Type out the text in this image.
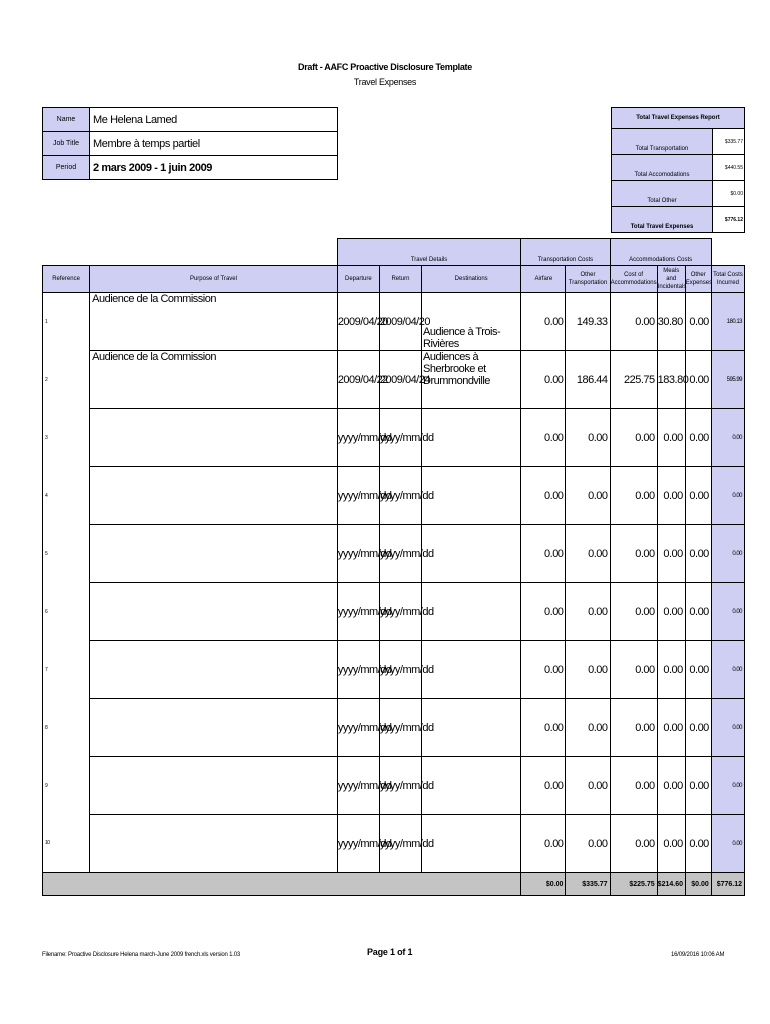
Draft - AAFC Proactive Disclosure Template
Travel Expenses
Name	Me Helena Lamed
Job Title	Membre à temps partiel
Period	2 mars 2009 - 1 juin 2009
Total Travel Expenses Report	
Total Transportation	$335.77
Total Accomodations	$440.55
Total Other	$0.00
Total Travel Expenses	$776.12
		Travel Details			Transportation Costs		Accommodations Costs			
Reference	Purpose of Travel	Departure	Return	Destinations	Airfare	Other Transportation	Cost of Accommodations	Meals and Incidentals	Other Expenses	Total Costs Incurred
1	Audience de la Commission	2009/04/20	2009/04/20	Audience à Trois-Rivières	0.00	149.33	0.00	30.80	0.00	180.13
2	Audience de la Commission	2009/04/22	2009/04/24	Audiences à Sherbrooke et Drummondville	0.00	186.44	225.75	183.80	0.00	595.99
3		yyyy/mm/dd	yyyy/mm/dd		0.00	0.00	0.00	0.00	0.00	0.00
4		yyyy/mm/dd	yyyy/mm/dd		0.00	0.00	0.00	0.00	0.00	0.00
5		yyyy/mm/dd	yyyy/mm/dd		0.00	0.00	0.00	0.00	0.00	0.00
6		yyyy/mm/dd	yyyy/mm/dd		0.00	0.00	0.00	0.00	0.00	0.00
7		yyyy/mm/dd	yyyy/mm/dd		0.00	0.00	0.00	0.00	0.00	0.00
8		yyyy/mm/dd	yyyy/mm/dd		0.00	0.00	0.00	0.00	0.00	0.00
9		yyyy/mm/dd	yyyy/mm/dd		0.00	0.00	0.00	0.00	0.00	0.00
10		yyyy/mm/dd	yyyy/mm/dd		0.00	0.00	0.00	0.00	0.00	0.00
					$0.00	$335.77	$225.75	$214.60	$0.00	$776.12
Filename: Proactive Disclosure Helena march-June 2009 french.xls version 1.03	Page 1 of 1	16/09/2016 10:06 AM
